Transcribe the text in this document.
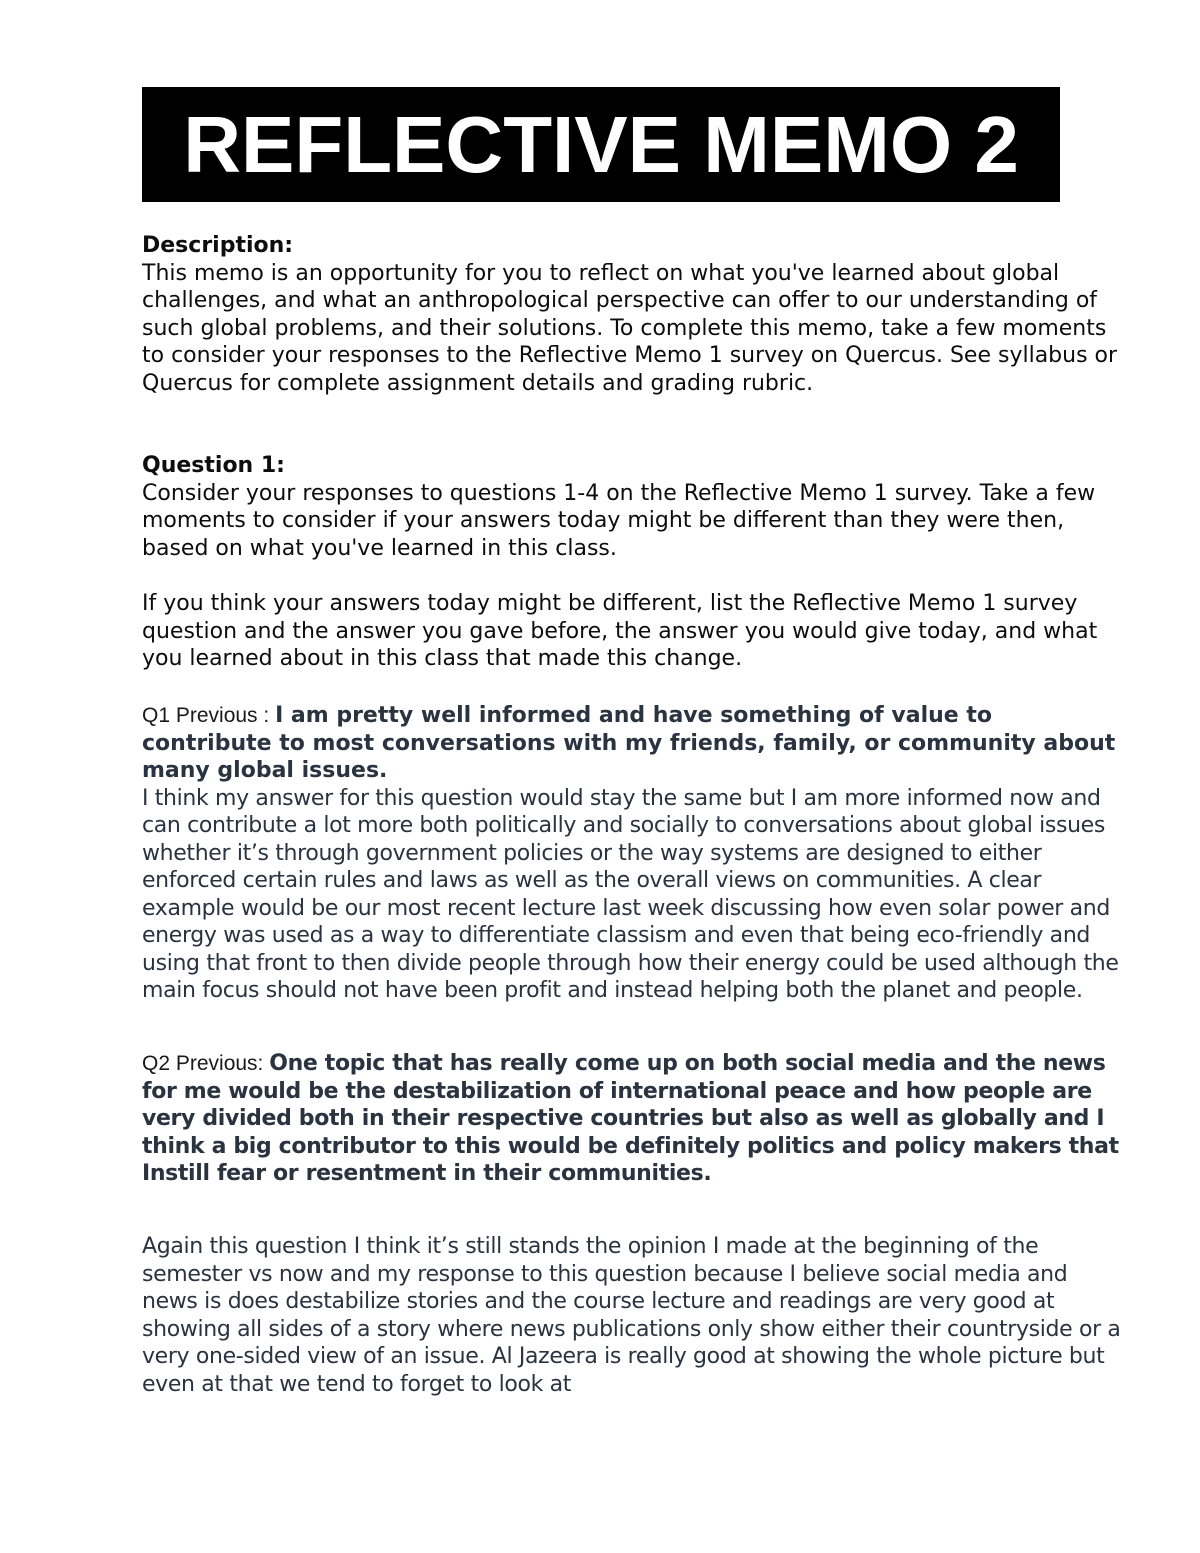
REFLECTIVE MEMO 2
Description:

This memo is an opportunity for you to reflect on what you've learned about global challenges, and what an anthropological perspective can offer to our understanding of such global problems, and their solutions. To complete this memo, take a few moments to consider your responses to the Reflective Memo 1 survey on Quercus. See syllabus or Quercus for complete assignment details and grading rubric.

Question 1:

Consider your responses to questions 1-4 on the Reflective Memo 1 survey. Take a few moments to consider if your answers today might be different than they were then, based on what you've learned in this class.

If you think your answers today might be different, list the Reflective Memo 1 survey question and the answer you gave before, the answer you would give today, and what you learned about in this class that made this change.

Q1 Previous : I am pretty well informed and have something of value to contribute to most conversations with my friends, family, or community about many global issues.

I think my answer for this question would stay the same but I am more informed now and can contribute a lot more both politically and socially to conversations about global issues whether it’s through government policies or the way systems are designed to either enforced certain rules and laws as well as the overall views on communities. A clear example would be our most recent lecture last week discussing how even solar power and energy was used as a way to differentiate classism and even that being eco-friendly and using that front to then divide people through how their energy could be used although the main focus should not have been profit and instead helping both the planet and people.

Q2 Previous: One topic that has really come up on both social media and the news for me would be the destabilization of international peace and how people are very divided both in their respective countries but also as well as globally and I think a big contributor to this would be definitely politics and policy makers that Instill fear or resentment in their communities.

Again this question I think it’s still stands the opinion I made at the beginning of the semester vs now and my response to this question because I believe social media and news is does destabilize stories and the course lecture and readings are very good at showing all sides of a story where news publications only show either their countryside or a very one-sided view of an issue. Al Jazeera is really good at showing the whole picture but even at that we tend to forget to look at
